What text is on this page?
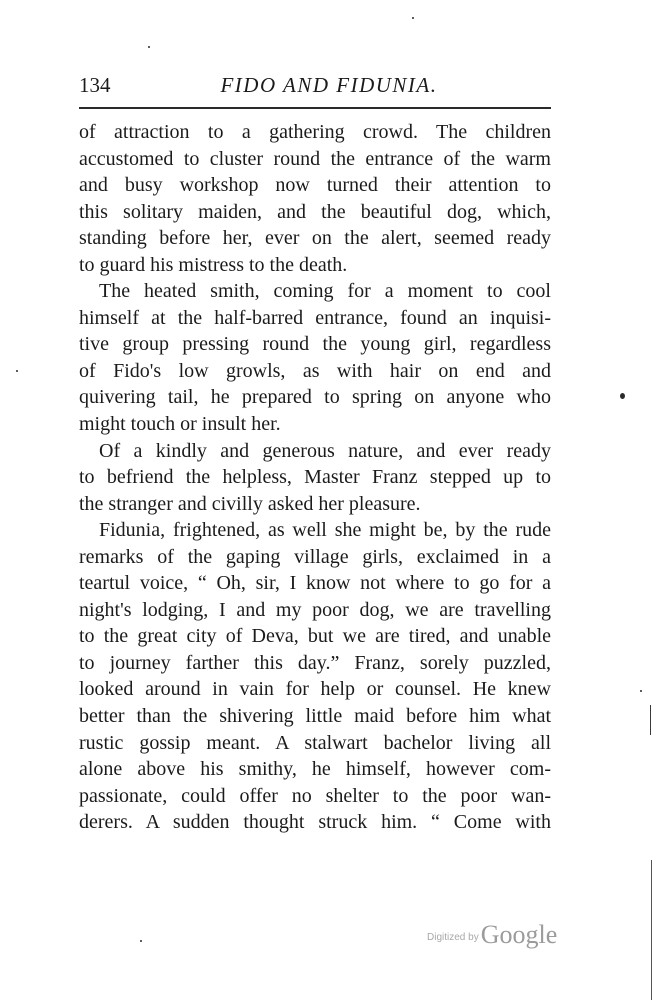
134	FIDO AND FIDUNIA.
of attraction to a gathering crowd. The children
accustomed to cluster round the entrance of the warm
and busy workshop now turned their attention to
this solitary maiden, and the beautiful dog, which,
standing before her, ever on the alert, seemed ready
to guard his mistress to the death.
The heated smith, coming for a moment to cool
himself at the half-barred entrance, found an inquisi-
tive group pressing round the young girl, regardless
of Fido's low growls, as with hair on end and
quivering tail, he prepared to spring on anyone who
might touch or insult her.
Of a kindly and generous nature, and ever ready
to befriend the helpless, Master Franz stepped up to
the stranger and civilly asked her pleasure.
Fidunia, frightened, as well she might be, by the rude
remarks of the gaping village girls, exclaimed in a
teartul voice, “ Oh, sir, I know not where to go for a
night's lodging, I and my poor dog, we are travelling
to the great city of Deva, but we are tired, and unable
to journey farther this day.” Franz, sorely puzzled,
looked around in vain for help or counsel. He knew
better than the shivering little maid before him what
rustic gossip meant. A stalwart bachelor living all
alone above his smithy, he himself, however com-
passionate, could offer no shelter to the poor wan-
derers. A sudden thought struck him. “ Come with
Digitized byGoogle
